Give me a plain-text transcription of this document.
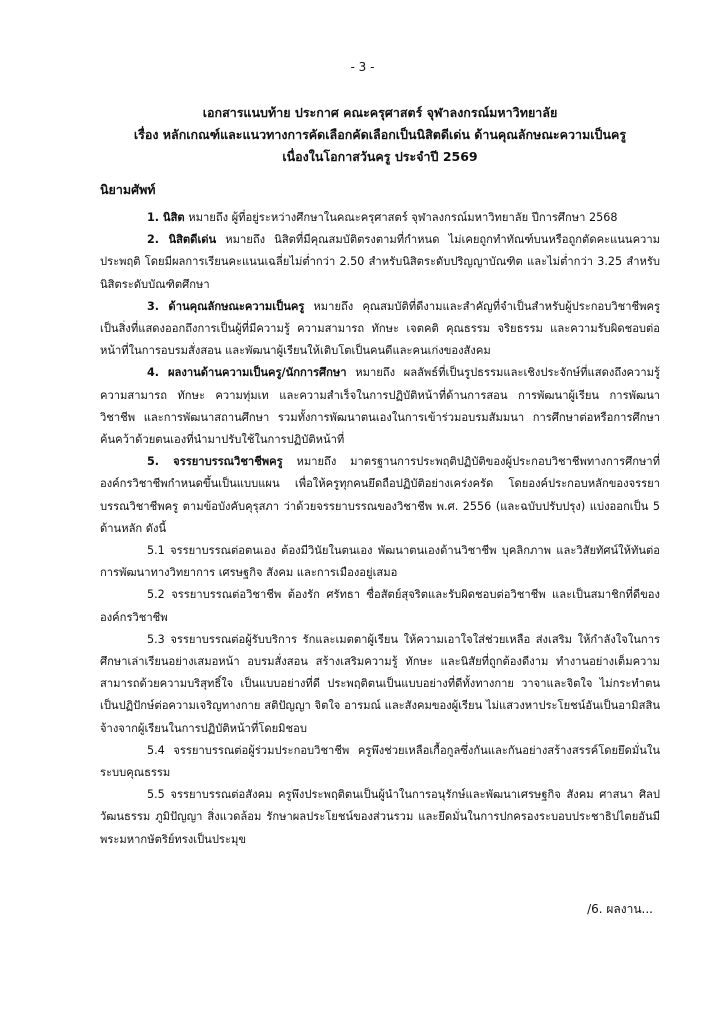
- 3 -
เอกสารแนบท้าย ประกาศ คณะครุศาสตร์ จุฬาลงกรณ์มหาวิทยาลัย
เรื่อง หลักเกณฑ์และแนวทางการคัดเลือกคัดเลือกเป็นนิสิตดีเด่น ด้านคุณลักษณะความเป็นครู
เนื่องในโอกาสวันครู ประจำปี 2569
นิยามศัพท์

1. นิสิต หมายถึง ผู้ที่อยู่ระหว่างศึกษาในคณะครุศาสตร์ จุฬาลงกรณ์มหาวิทยาลัย ปีการศึกษา 2568

2. นิสิตดีเด่น หมายถึง นิสิตที่มีคุณสมบัติตรงตามที่กำหนด ไม่เคยถูกทำทัณฑ์บนหรือถูกตัดคะแนนความประพฤติ โดยมีผลการเรียนคะแนนเฉลี่ยไม่ต่ำกว่า 2.50 สำหรับนิสิตระดับปริญญาบัณฑิต และไม่ต่ำกว่า 3.25 สำหรับนิสิตระดับบัณฑิตศึกษา

3. ด้านคุณลักษณะความเป็นครู หมายถึง คุณสมบัติที่ดีงามและสำคัญที่จำเป็นสำหรับผู้ประกอบวิชาชีพครู เป็นสิ่งที่แสดงออกถึงการเป็นผู้ที่มีความรู้ ความสามารถ ทักษะ เจตคติ คุณธรรม จริยธรรม และความรับผิดชอบต่อหน้าที่ในการอบรมสั่งสอน และพัฒนาผู้เรียนให้เติบโตเป็นคนดีและคนเก่งของสังคม

4. ผลงานด้านความเป็นครู/นักการศึกษา หมายถึง ผลลัพธ์ที่เป็นรูปธรรมและเชิงประจักษ์ที่แสดงถึงความรู้ ความสามารถ ทักษะ ความทุ่มเท และความสำเร็จในการปฏิบัติหน้าที่ด้านการสอน การพัฒนาผู้เรียน การพัฒนาวิชาชีพ และการพัฒนาสถานศึกษา รวมทั้งการพัฒนาตนเองในการเข้าร่วมอบรมสัมมนา การศึกษาต่อหรือการศึกษาค้นคว้าด้วยตนเองที่นำมาปรับใช้ในการปฏิบัติหน้าที่

5. จรรยาบรรณวิชาชีพครู หมายถึง มาตรฐานการประพฤติปฏิบัติของผู้ประกอบวิชาชีพทางการศึกษาที่องค์กรวิชาชีพกำหนดขึ้นเป็นแบบแผน เพื่อให้ครูทุกคนยึดถือปฏิบัติอย่างเคร่งครัด โดยองค์ประกอบหลักของจรรยาบรรณวิชาชีพครู ตามข้อบังคับคุรุสภา ว่าด้วยจรรยาบรรณของวิชาชีพ พ.ศ. 2556 (และฉบับปรับปรุง) แบ่งออกเป็น 5 ด้านหลัก ดังนี้

5.1 จรรยาบรรณต่อตนเอง ต้องมีวินัยในตนเอง พัฒนาตนเองด้านวิชาชีพ บุคลิกภาพ และวิสัยทัศน์ให้ทันต่อการพัฒนาทางวิทยาการ เศรษฐกิจ สังคม และการเมืองอยู่เสมอ

5.2 จรรยาบรรณต่อวิชาชีพ ต้องรัก ศรัทธา ซื่อสัตย์สุจริตและรับผิดชอบต่อวิชาชีพ และเป็นสมาชิกที่ดีขององค์กรวิชาชีพ

5.3 จรรยาบรรณต่อผู้รับบริการ รักและเมตตาผู้เรียน ให้ความเอาใจใส่ช่วยเหลือ ส่งเสริม ให้กำลังใจในการศึกษาเล่าเรียนอย่างเสมอหน้า อบรมสั่งสอน สร้างเสริมความรู้ ทักษะ และนิสัยที่ถูกต้องดีงาม ทำงานอย่างเต็มความสามารถด้วยความบริสุทธิ์ใจ เป็นแบบอย่างที่ดี ประพฤติตนเป็นแบบอย่างที่ดีทั้งทางกาย วาจาและจิตใจ ไม่กระทำตนเป็นปฏิปักษ์ต่อความเจริญทางกาย สติปัญญา จิตใจ อารมณ์ และสังคมของผู้เรียน ไม่แสวงหาประโยชน์อันเป็นอามิสสินจ้างจากผู้เรียนในการปฏิบัติหน้าที่โดยมิชอบ

5.4 จรรยาบรรณต่อผู้ร่วมประกอบวิชาชีพ ครูพึงช่วยเหลือเกื้อกูลซึ่งกันและกันอย่างสร้างสรรค์โดยยึดมั่นในระบบคุณธรรม

5.5 จรรยาบรรณต่อสังคม ครูพึงประพฤติตนเป็นผู้นำในการอนุรักษ์และพัฒนาเศรษฐกิจ สังคม ศาสนา ศิลปวัฒนธรรม ภูมิปัญญา สิ่งแวดล้อม รักษาผลประโยชน์ของส่วนรวม และยึดมั่นในการปกครองระบอบประชาธิปไตยอันมีพระมหากษัตริย์ทรงเป็นประมุข

/6. ผลงาน...
